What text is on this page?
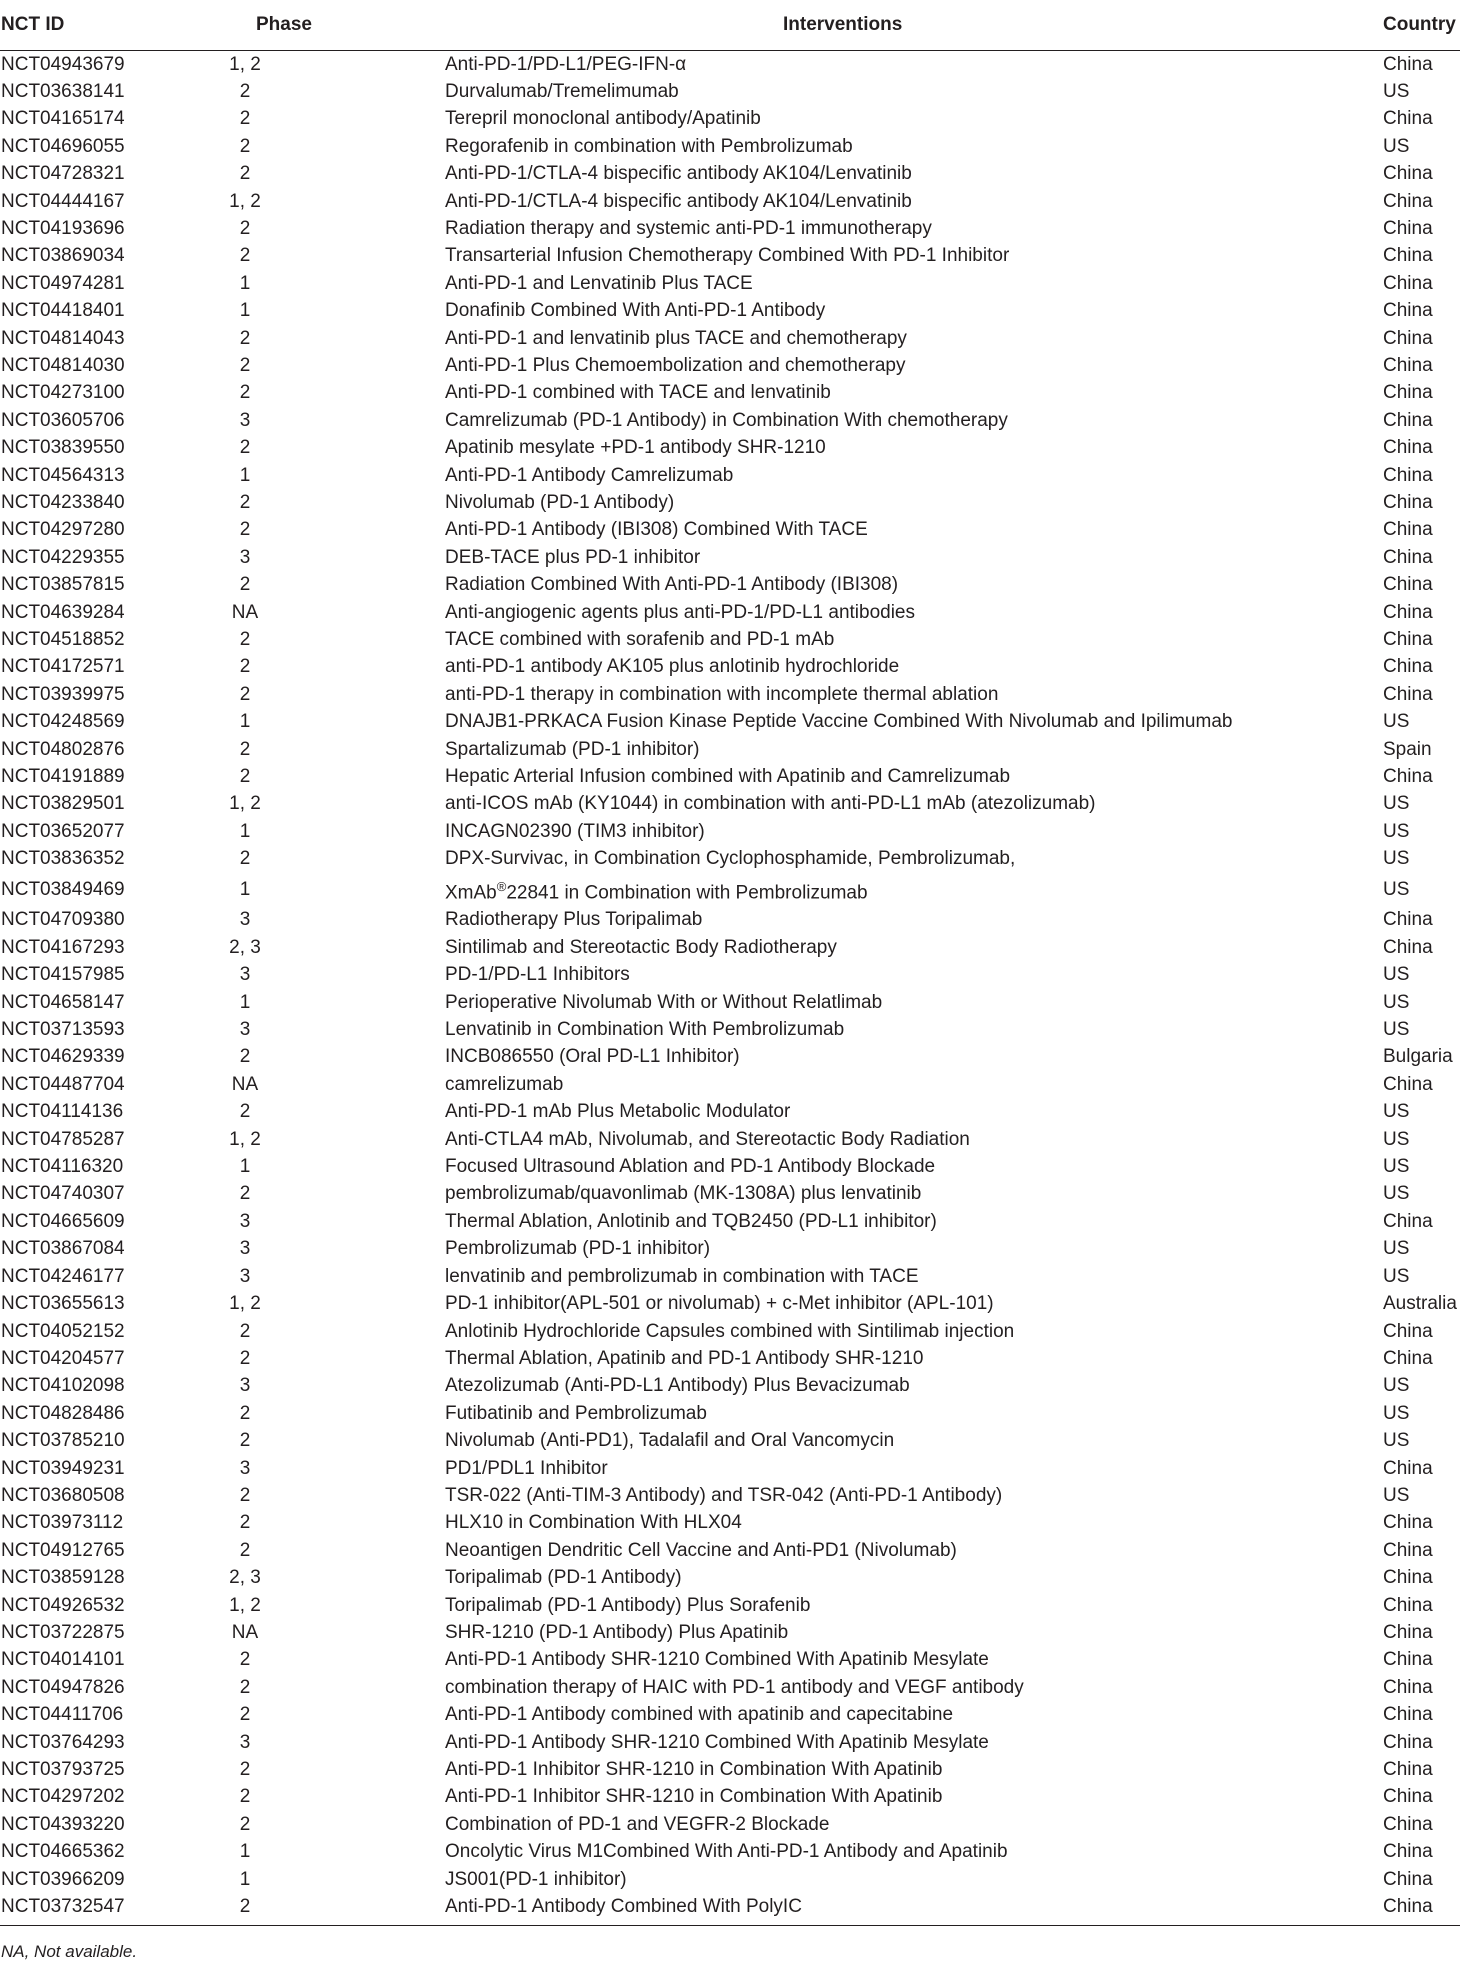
NCT ID	Phase	Interventions	Country
NCT04943679	1, 2	Anti-PD-1/PD-L1/PEG-IFN-α	China
NCT03638141	2	Durvalumab/Tremelimumab	US
NCT04165174	2	Terepril monoclonal antibody/Apatinib	China
NCT04696055	2	Regorafenib in combination with Pembrolizumab	US
NCT04728321	2	Anti-PD-1/CTLA-4 bispecific antibody AK104/Lenvatinib	China
NCT04444167	1, 2	Anti-PD-1/CTLA-4 bispecific antibody AK104/Lenvatinib	China
NCT04193696	2	Radiation therapy and systemic anti-PD-1 immunotherapy	China
NCT03869034	2	Transarterial Infusion Chemotherapy Combined With PD-1 Inhibitor	China
NCT04974281	1	Anti-PD-1 and Lenvatinib Plus TACE	China
NCT04418401	1	Donafinib Combined With Anti-PD-1 Antibody	China
NCT04814043	2	Anti-PD-1 and lenvatinib plus TACE and chemotherapy	China
NCT04814030	2	Anti-PD-1 Plus Chemoembolization and chemotherapy	China
NCT04273100	2	Anti-PD-1 combined with TACE and lenvatinib	China
NCT03605706	3	Camrelizumab (PD-1 Antibody) in Combination With chemotherapy	China
NCT03839550	2	Apatinib mesylate +PD-1 antibody SHR-1210	China
NCT04564313	1	Anti-PD-1 Antibody Camrelizumab	China
NCT04233840	2	Nivolumab (PD-1 Antibody)	China
NCT04297280	2	Anti-PD-1 Antibody (IBI308) Combined With TACE	China
NCT04229355	3	DEB-TACE plus PD-1 inhibitor	China
NCT03857815	2	Radiation Combined With Anti-PD-1 Antibody (IBI308)	China
NCT04639284	NA	Anti-angiogenic agents plus anti-PD-1/PD-L1 antibodies	China
NCT04518852	2	TACE combined with sorafenib and PD-1 mAb	China
NCT04172571	2	anti-PD-1 antibody AK105 plus anlotinib hydrochloride	China
NCT03939975	2	anti-PD-1 therapy in combination with incomplete thermal ablation	China
NCT04248569	1	DNAJB1-PRKACA Fusion Kinase Peptide Vaccine Combined With Nivolumab and Ipilimumab	US
NCT04802876	2	Spartalizumab (PD-1 inhibitor)	Spain
NCT04191889	2	Hepatic Arterial Infusion combined with Apatinib and Camrelizumab	China
NCT03829501	1, 2	anti-ICOS mAb (KY1044) in combination with anti-PD-L1 mAb (atezolizumab)	US
NCT03652077	1	INCAGN02390 (TIM3 inhibitor)	US
NCT03836352	2	DPX-Survivac, in Combination Cyclophosphamide, Pembrolizumab,	US
NCT03849469	1	XmAb®22841 in Combination with Pembrolizumab	US
NCT04709380	3	Radiotherapy Plus Toripalimab	China
NCT04167293	2, 3	Sintilimab and Stereotactic Body Radiotherapy	China
NCT04157985	3	PD-1/PD-L1 Inhibitors	US
NCT04658147	1	Perioperative Nivolumab With or Without Relatlimab	US
NCT03713593	3	Lenvatinib in Combination With Pembrolizumab	US
NCT04629339	2	INCB086550 (Oral PD-L1 Inhibitor)	Bulgaria
NCT04487704	NA	camrelizumab	China
NCT04114136	2	Anti-PD-1 mAb Plus Metabolic Modulator	US
NCT04785287	1, 2	Anti-CTLA4 mAb, Nivolumab, and Stereotactic Body Radiation	US
NCT04116320	1	Focused Ultrasound Ablation and PD-1 Antibody Blockade	US
NCT04740307	2	pembrolizumab/quavonlimab (MK-1308A) plus lenvatinib	US
NCT04665609	3	Thermal Ablation, Anlotinib and TQB2450 (PD-L1 inhibitor)	China
NCT03867084	3	Pembrolizumab (PD-1 inhibitor)	US
NCT04246177	3	lenvatinib and pembrolizumab in combination with TACE	US
NCT03655613	1, 2	PD-1 inhibitor(APL-501 or nivolumab) + c-Met inhibitor (APL-101)	Australia
NCT04052152	2	Anlotinib Hydrochloride Capsules combined with Sintilimab injection	China
NCT04204577	2	Thermal Ablation, Apatinib and PD-1 Antibody SHR-1210	China
NCT04102098	3	Atezolizumab (Anti-PD-L1 Antibody) Plus Bevacizumab	US
NCT04828486	2	Futibatinib and Pembrolizumab	US
NCT03785210	2	Nivolumab (Anti-PD1), Tadalafil and Oral Vancomycin	US
NCT03949231	3	PD1/PDL1 Inhibitor	China
NCT03680508	2	TSR-022 (Anti-TIM-3 Antibody) and TSR-042 (Anti-PD-1 Antibody)	US
NCT03973112	2	HLX10 in Combination With HLX04	China
NCT04912765	2	Neoantigen Dendritic Cell Vaccine and Anti-PD1 (Nivolumab)	China
NCT03859128	2, 3	Toripalimab (PD-1 Antibody)	China
NCT04926532	1, 2	Toripalimab (PD-1 Antibody) Plus Sorafenib	China
NCT03722875	NA	SHR-1210 (PD-1 Antibody) Plus Apatinib	China
NCT04014101	2	Anti-PD-1 Antibody SHR-1210 Combined With Apatinib Mesylate	China
NCT04947826	2	combination therapy of HAIC with PD-1 antibody and VEGF antibody	China
NCT04411706	2	Anti-PD-1 Antibody combined with apatinib and capecitabine	China
NCT03764293	3	Anti-PD-1 Antibody SHR-1210 Combined With Apatinib Mesylate	China
NCT03793725	2	Anti-PD-1 Inhibitor SHR-1210 in Combination With Apatinib	China
NCT04297202	2	Anti-PD-1 Inhibitor SHR-1210 in Combination With Apatinib	China
NCT04393220	2	Combination of PD-1 and VEGFR-2 Blockade	China
NCT04665362	1	Oncolytic Virus M1Combined With Anti-PD-1 Antibody and Apatinib	China
NCT03966209	1	JS001(PD-1 inhibitor)	China
NCT03732547	2	Anti-PD-1 Antibody Combined With PolyIC	China
NA, Not available.
